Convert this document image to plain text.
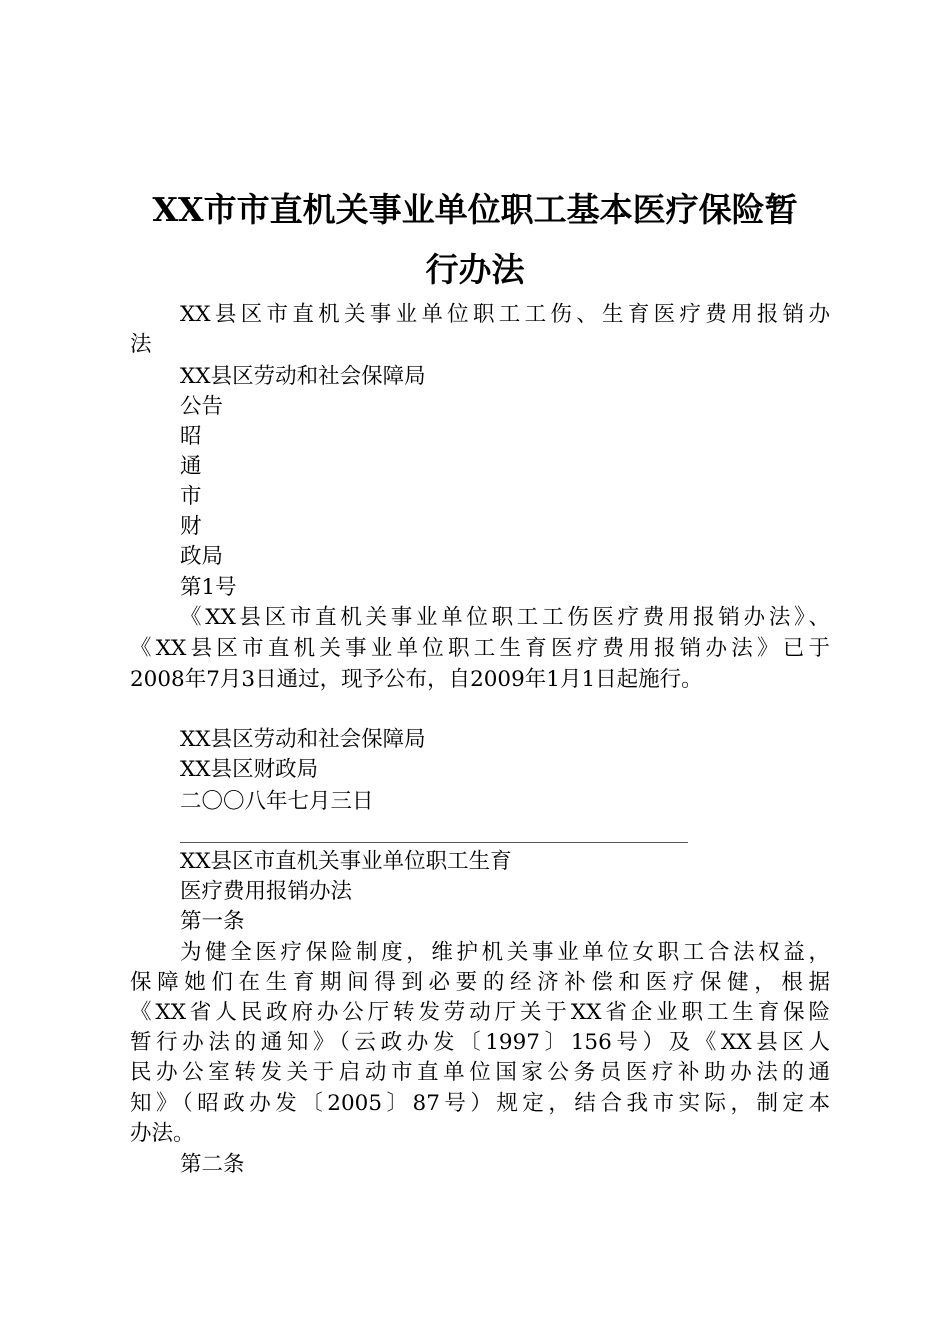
XX市市直机关事业单位职工基本医疗保险暂
行办法
XX县区市直机关事业单位职工工伤、生育医疗费用报销办
法
XX县区劳动和社会保障局
公告
昭
通
市
财
政局
第1号
《XX县区市直机关事业单位职工工伤医疗费用报销办法》、
《XX县区市直机关事业单位职工生育医疗费用报销办法》已于
2008年7月3日通过，现予公布，自2009年1月1日起施行。
XX县区劳动和社会保障局
XX县区财政局
二〇〇八年七月三日
XX县区市直机关事业单位职工生育
医疗费用报销办法
第一条
为健全医疗保险制度，维护机关事业单位女职工合法权益，
保障她们在生育期间得到必要的经济补偿和医疗保健，根据
《XX省人民政府办公厅转发劳动厅关于XX省企业职工生育保险
暂行办法的通知》（云政办发〔1997〕156号）及《XX县区人
民办公室转发关于启动市直单位国家公务员医疗补助办法的通
知》（昭政办发〔2005〕87号）规定，结合我市实际，制定本
办法。
第二条
